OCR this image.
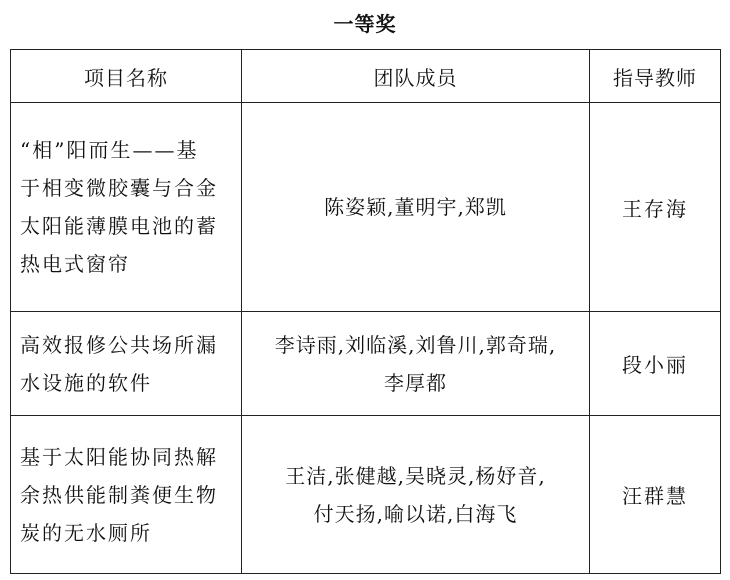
一等奖
项目名称	团队成员	指导教师

“相”阳而生——基
于相变微胶囊与合金
太阳能薄膜电池的蓄
热电式窗帘	陈姿颖,董明宇,郑凯	王存海

高效报修公共场所漏
水设施的软件	李诗雨,刘临溪,刘鲁川,郭奇瑞,
李厚都	段小丽

基于太阳能协同热解
余热供能制粪便生物
炭的无水厕所	王洁,张健越,吴晓灵,杨妤音,
付天扬,喻以诺,白海飞	汪群慧
